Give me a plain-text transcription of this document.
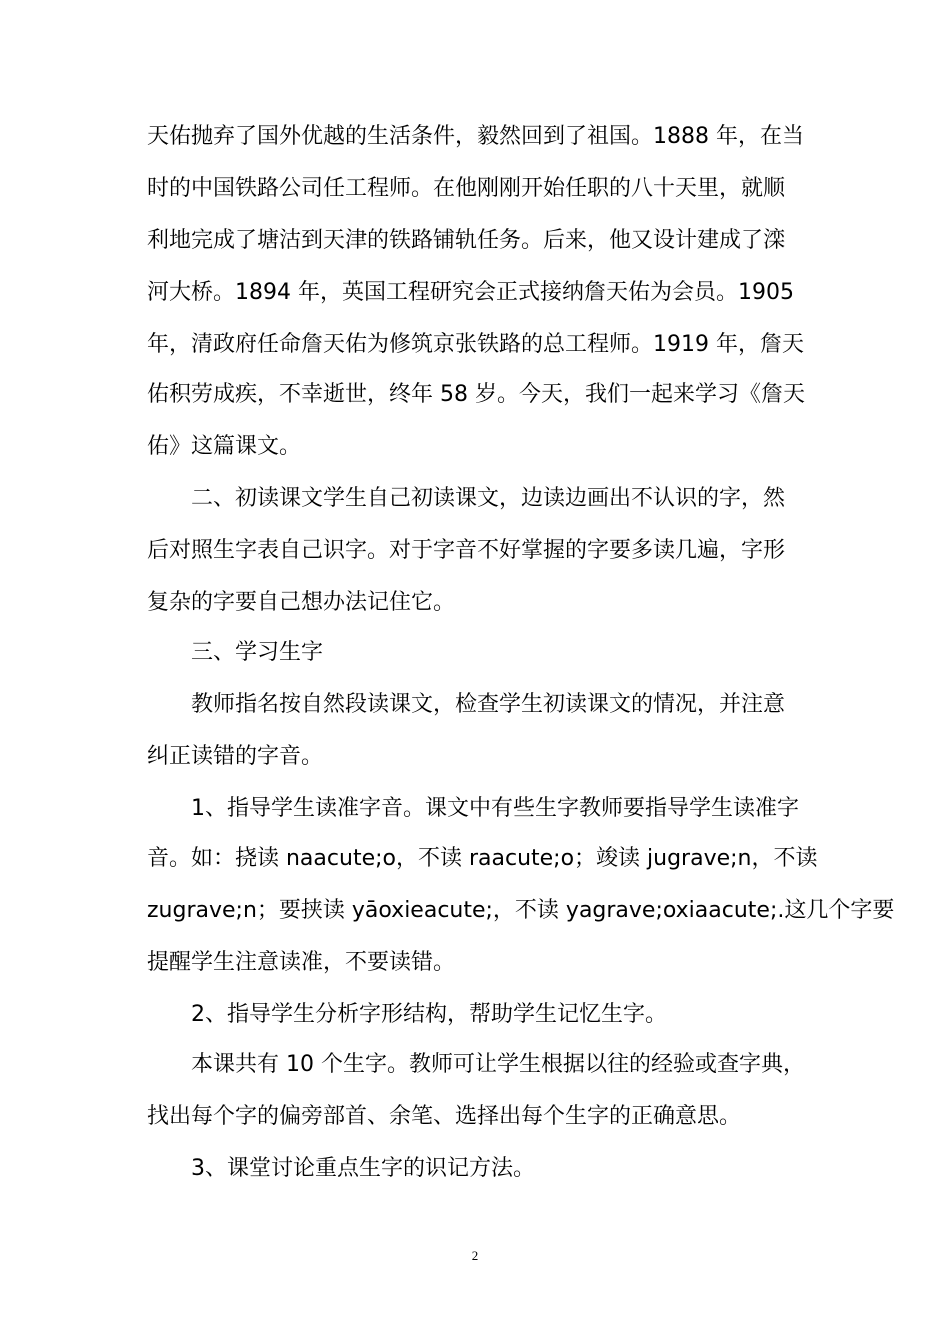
天佑抛弃了国外优越的生活条件，毅然回到了祖国。1888 年，在当
时的中国铁路公司任工程师。在他刚刚开始任职的八十天里，就顺
利地完成了塘沽到天津的铁路铺轨任务。后来，他又设计建成了滦
河大桥。1894 年，英国工程研究会正式接纳詹天佑为会员。1905
年，清政府任命詹天佑为修筑京张铁路的总工程师。1919 年，詹天
佑积劳成疾，不幸逝世，终年 58 岁。今天，我们一起来学习《詹天
佑》这篇课文。
二、初读课文学生自己初读课文，边读边画出不认识的字，然
后对照生字表自己识字。对于字音不好掌握的字要多读几遍，字形
复杂的字要自己想办法记住它。
三、学习生字
教师指名按自然段读课文，检查学生初读课文的情况，并注意
纠正读错的字音。
1、指导学生读准字音。课文中有些生字教师要指导学生读准字
音。如：挠读 naacute;o，不读 raacute;o；竣读 jugrave;n，不读
zugrave;n；要挟读 yāoxieacute;，不读 yagrave;oxiaacute;.这几个字要
提醒学生注意读准，不要读错。
2、指导学生分析字形结构，帮助学生记忆生字。
本课共有 10 个生字。教师可让学生根据以往的经验或查字典，
找出每个字的偏旁部首、余笔、选择出每个生字的正确意思。
3、课堂讨论重点生字的识记方法。
2
